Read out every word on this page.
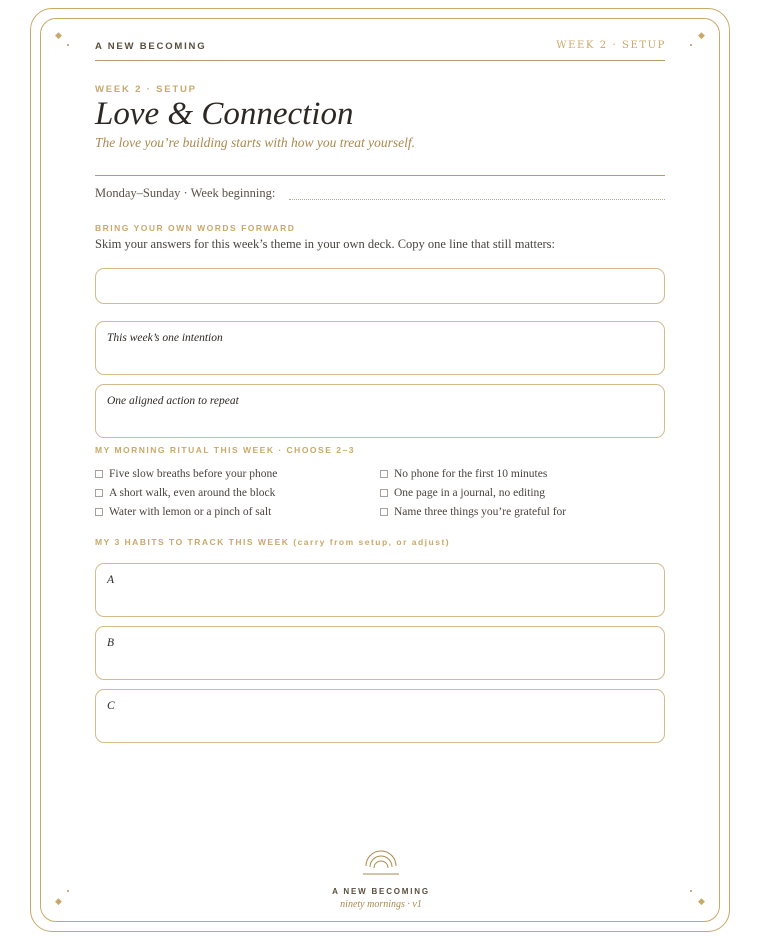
◆	◆
◆	◆
A NEW BECOMING	WEEK 2 · SETUP
WEEK 2 · SETUP
Love & Connection
The love you’re building starts with how you treat yourself.
Monday–Sunday · Week beginning:
BRING YOUR OWN WORDS FORWARD
Skim your answers for this week’s theme in your own deck. Copy one line that still matters:
This week’s one intention
One aligned action to repeat
MY MORNING RITUAL THIS WEEK · CHOOSE 2–3
Five slow breaths before your phone
A short walk, even around the block
Water with lemon or a pinch of salt
No phone for the first 10 minutes
One page in a journal, no editing
Name three things you’re grateful for
MY 3 HABITS TO TRACK THIS WEEK (carry from setup, or adjust)
A
B
C
A NEW BECOMING
ninety mornings · v1
